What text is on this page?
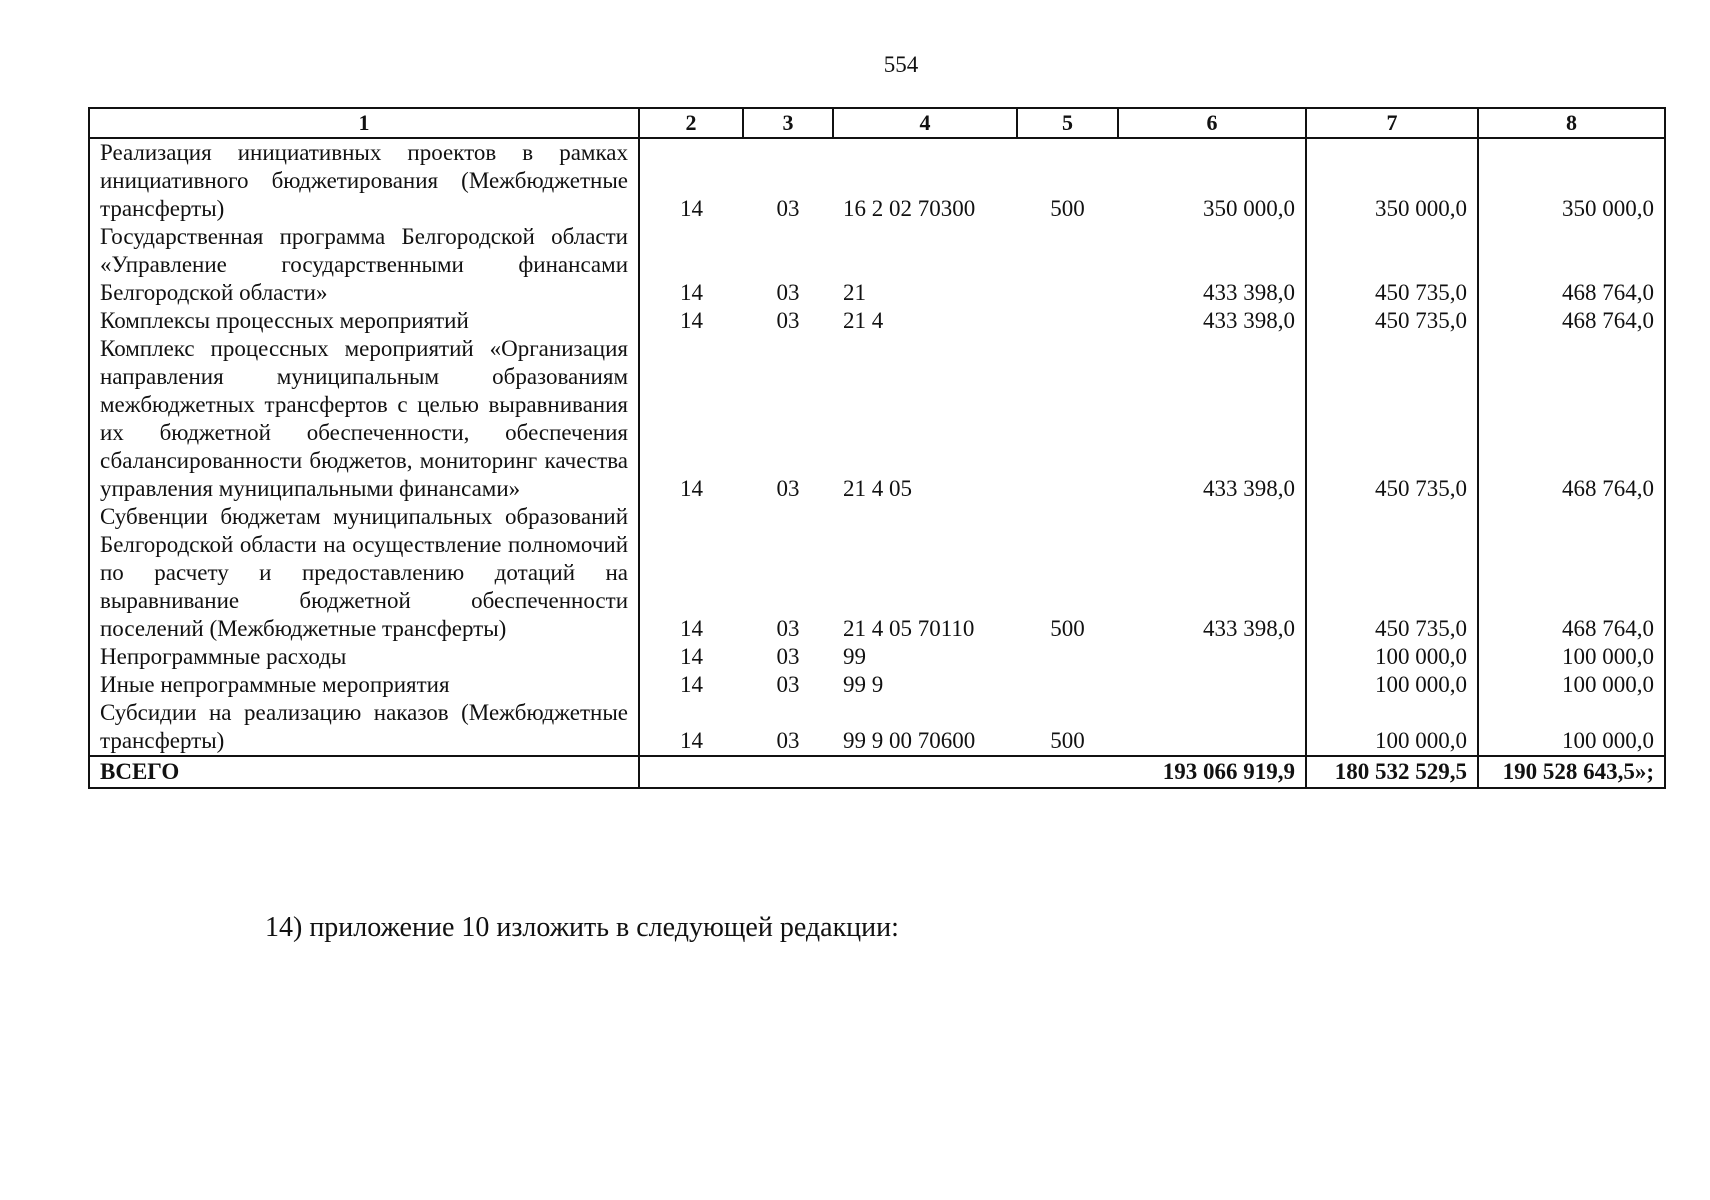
554
1	2	3	4	5	6	7	8
Реализация инициативных проектов в рамках инициативного бюджетирования (Межбюджетные трансферты)	14	03	16 2 02 70300	500	350 000,0	350 000,0	350 000,0
Государственная программа Белгородской области «Управление государственными финансами Белгородской области»	14	03	21		433 398,0	450 735,0	468 764,0
Комплексы процессных мероприятий	14	03	21 4		433 398,0	450 735,0	468 764,0
Комплекс процессных мероприятий «Организация направления муниципальным образованиям межбюджетных трансфертов с целью выравнивания их бюджетной обеспеченности, обеспечения сбалансированности бюджетов, мониторинг качества управления муниципальными финансами»	14	03	21 4 05		433 398,0	450 735,0	468 764,0
Субвенции бюджетам муниципальных образований Белгородской области на осуществление полномочий по расчету и предоставлению дотаций на выравнивание бюджетной обеспеченности поселений (Межбюджетные трансферты)	14	03	21 4 05 70110	500	433 398,0	450 735,0	468 764,0
Непрограммные расходы	14	03	99			100 000,0	100 000,0
Иные непрограммные мероприятия	14	03	99 9			100 000,0	100 000,0
Субсидии на реализацию наказов (Межбюджетные трансферты)	14	03	99 9 00 70600	500		100 000,0	100 000,0
ВСЕГО					193 066 919,9	180 532 529,5	190 528 643,5»;
14) приложение 10 изложить в следующей редакции:
